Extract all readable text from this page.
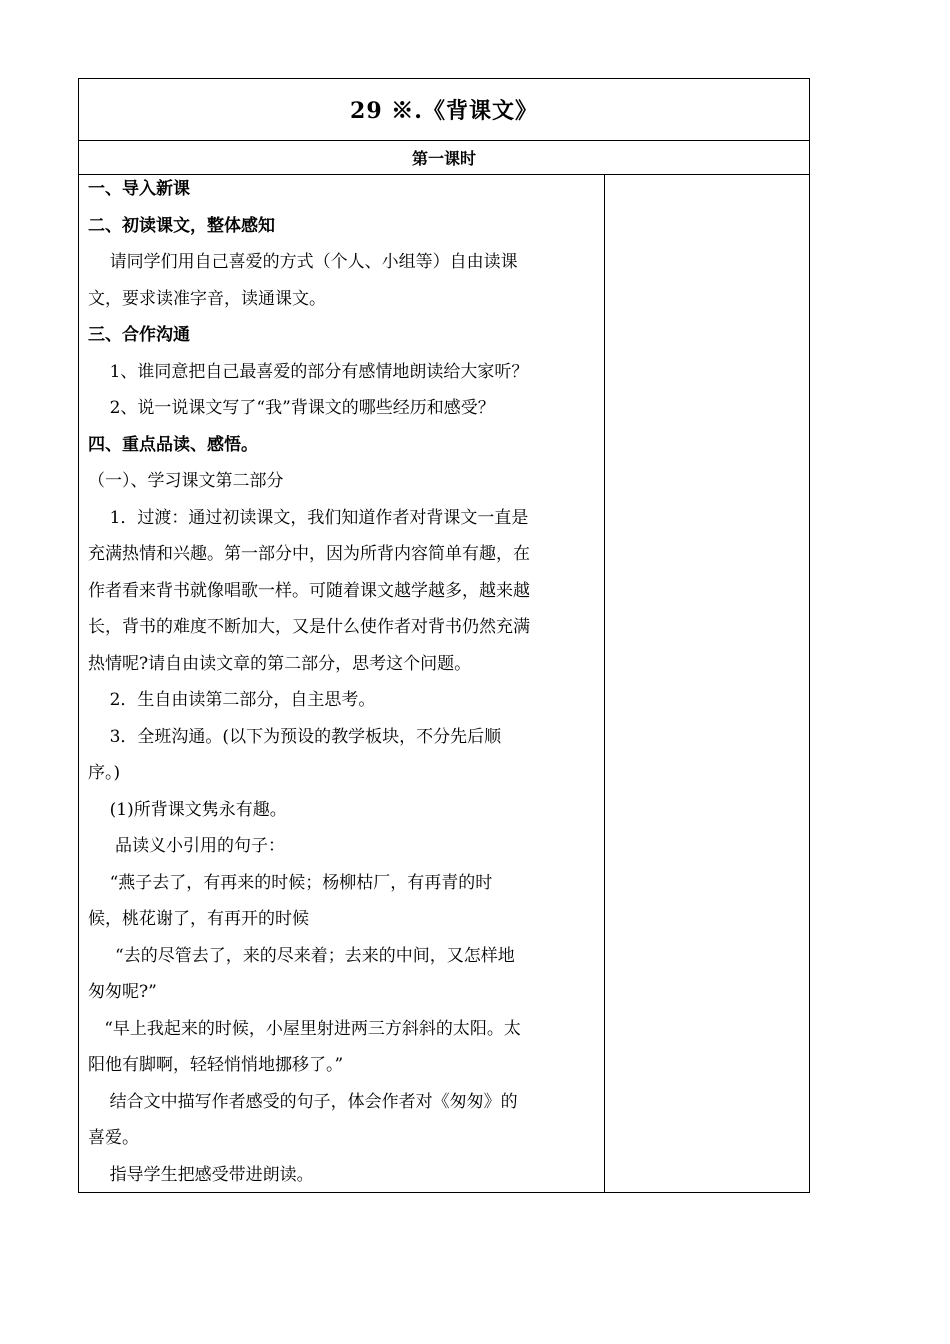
29 ※.《背课文》
第一课时
一、导入新课
二、初读课文，整体感知
请同学们用自己喜爱的方式（个人、小组等）自由读课
文，要求读准字音，读通课文。
三、合作沟通
1、谁同意把自己最喜爱的部分有感情地朗读给大家听？
2、说一说课文写了“我”背课文的哪些经历和感受？
四、重点品读、感悟。
（一）、学习课文第二部分
1．过渡：通过初读课文，我们知道作者对背课文一直是
充满热情和兴趣。第一部分中，因为所背内容简单有趣，在
作者看来背书就像唱歌一样。可随着课文越学越多，越来越
长，背书的难度不断加大，又是什么使作者对背书仍然充满
热情呢?请自由读文章的第二部分，思考这个问题。
2．生自由读第二部分，自主思考。
3．全班沟通。(以下为预设的教学板块，不分先后顺
序。)
(1)所背课文隽永有趣。
品读义小引用的句子：
“燕子去了，有再来的时候；杨柳枯厂，有再青的时
候，桃花谢了，有再开的时候
“去的尽管去了，来的尽来着；去来的中间，又怎样地
匆匆呢?”
“早上我起来的时候，小屋里射进两三方斜斜的太阳。太
阳他有脚啊，轻轻悄悄地挪移了。”
结合文中描写作者感受的句子，体会作者对《匆匆》的
喜爱。
指导学生把感受带进朗读。
